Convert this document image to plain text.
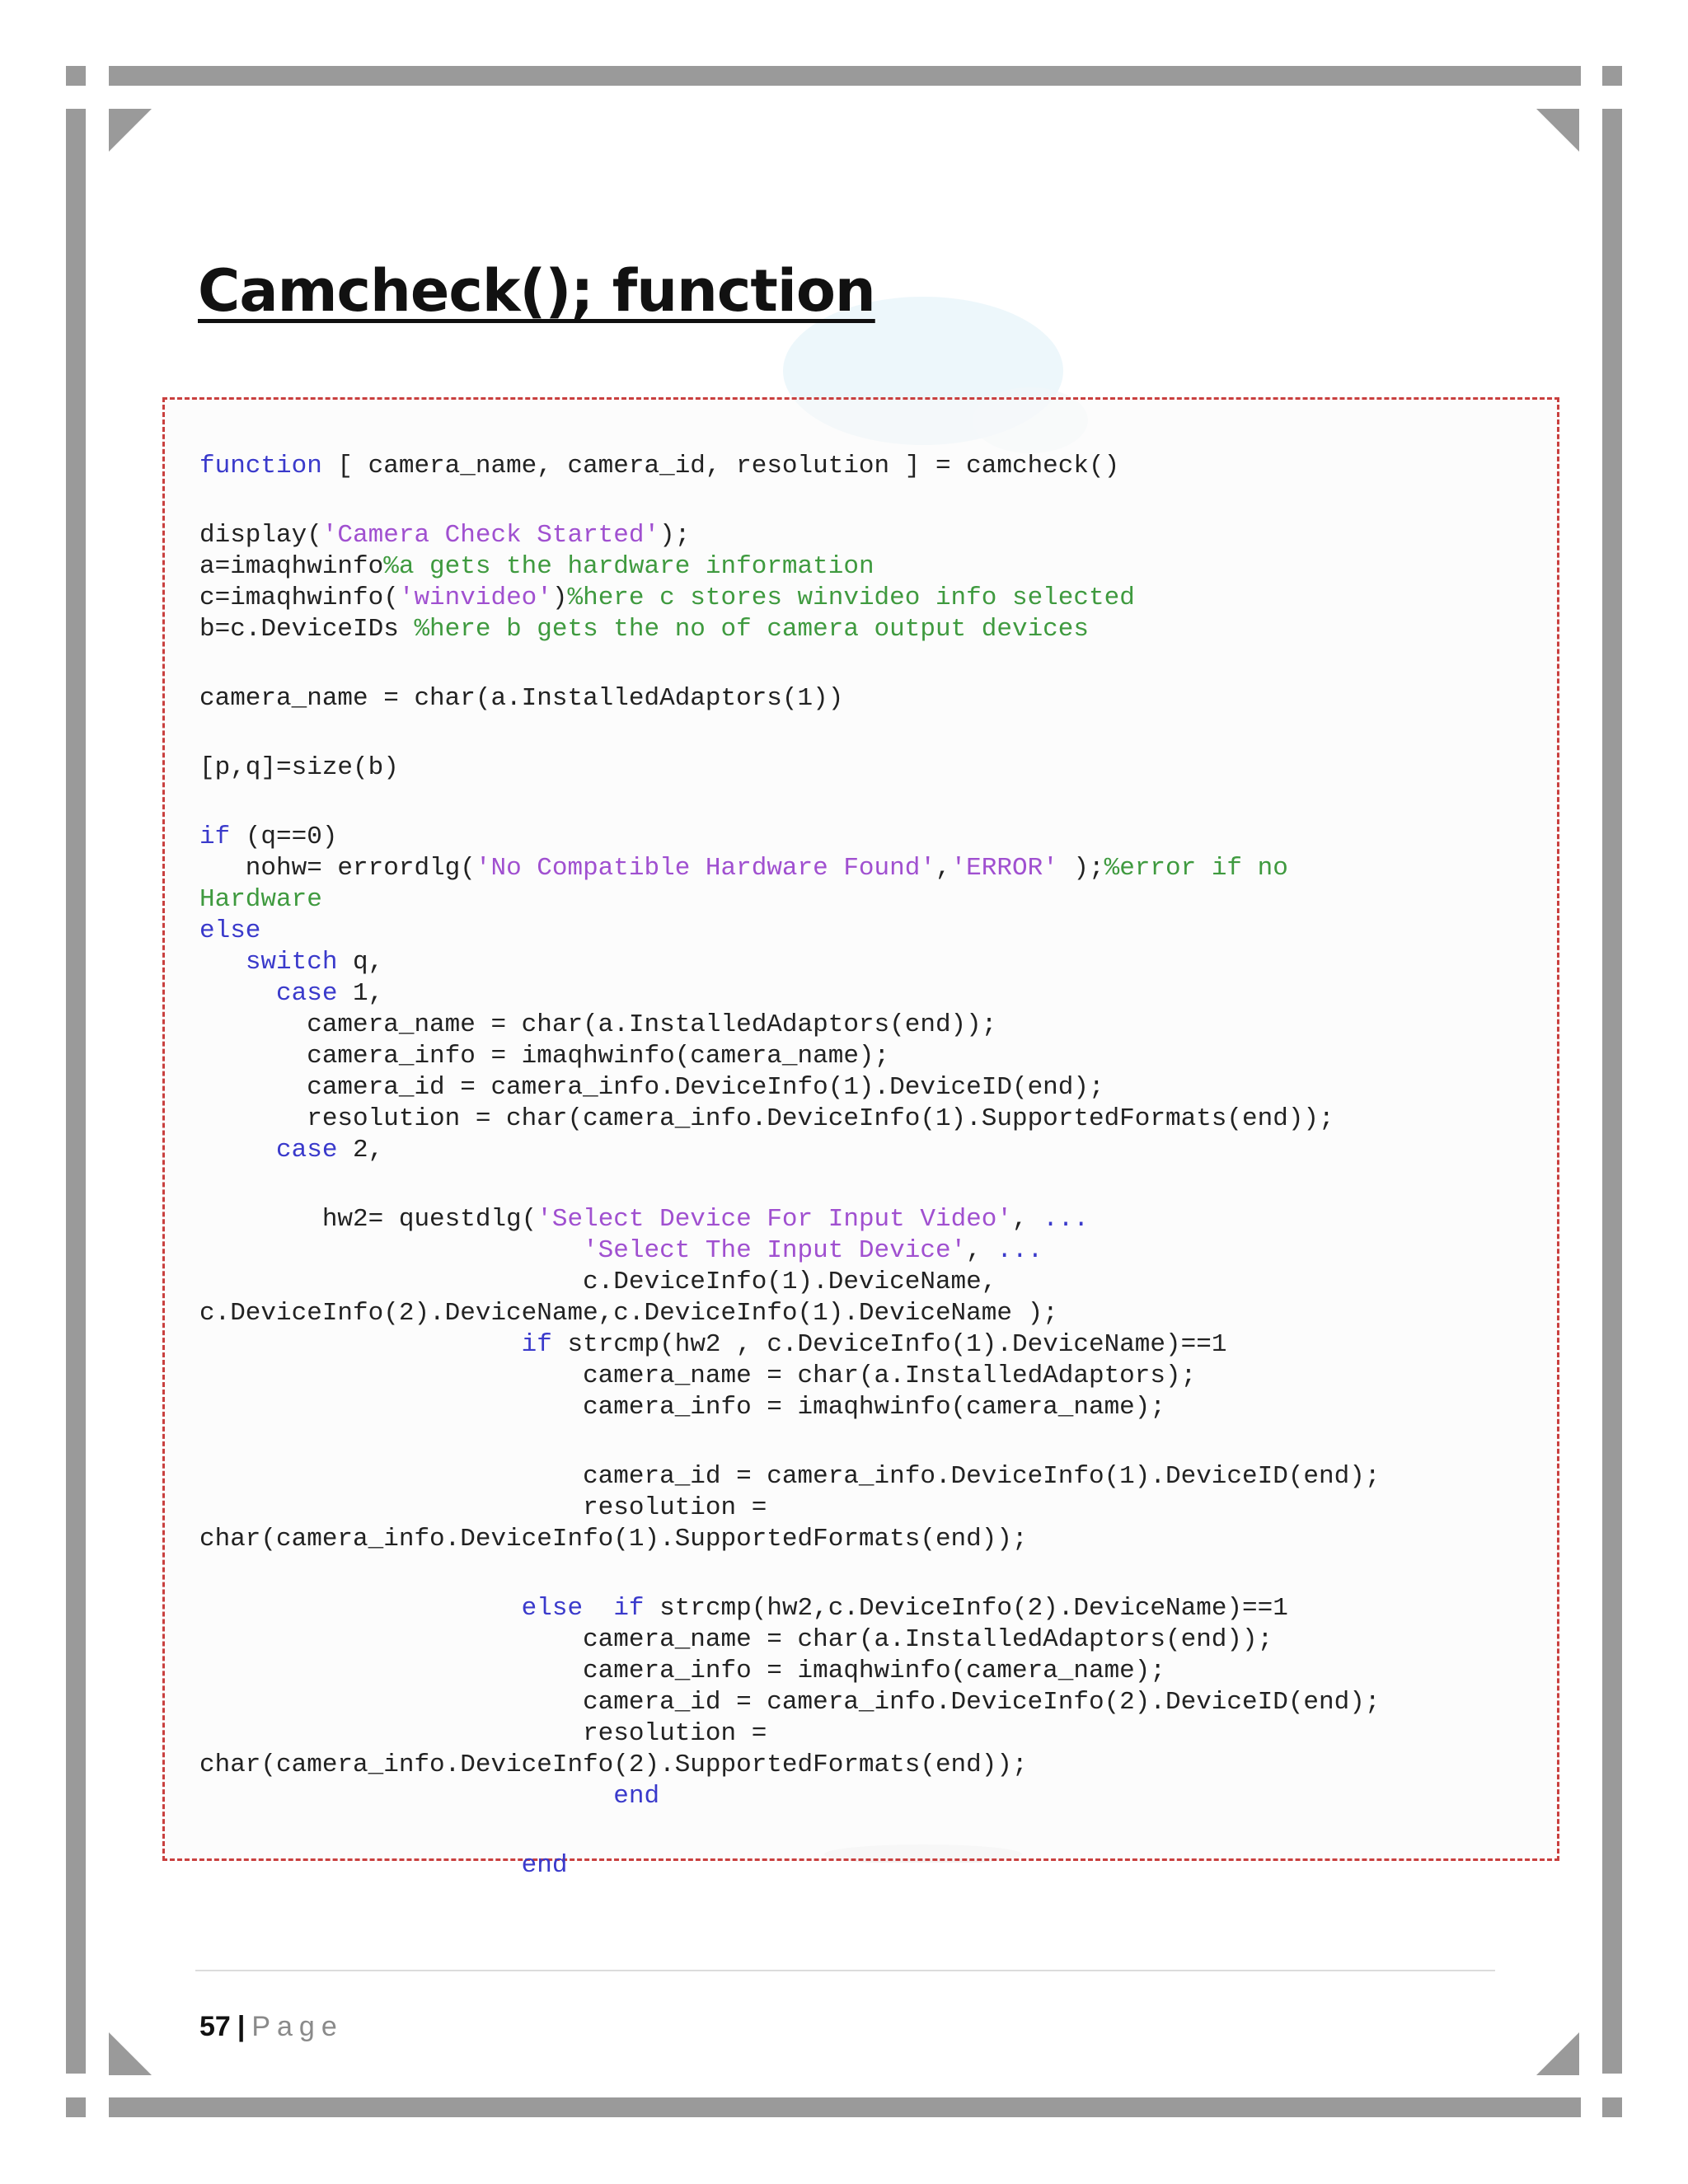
Camcheck(); function
function [ camera_name, camera_id, resolution ] = camcheck()
display('Camera Check Started');
a=imaqhwinfo%a gets the hardware information
c=imaqhwinfo('winvideo')%here c stores winvideo info selected
b=c.DeviceIDs %here b gets the no of camera output devices
camera_name = char(a.InstalledAdaptors(1))
[p,q]=size(b)
if (q==0)
nohw= errordlg('No Compatible Hardware Found','ERROR' );%error if no
Hardware
else
switch q,
case 1,
camera_name = char(a.InstalledAdaptors(end));
camera_info = imaqhwinfo(camera_name);
camera_id = camera_info.DeviceInfo(1).DeviceID(end);
resolution = char(camera_info.DeviceInfo(1).SupportedFormats(end));
case 2,
hw2= questdlg('Select Device For Input Video', ...
'Select The Input Device', ...
c.DeviceInfo(1).DeviceName,
c.DeviceInfo(2).DeviceName,c.DeviceInfo(1).DeviceName );
if strcmp(hw2 , c.DeviceInfo(1).DeviceName)==1
camera_name = char(a.InstalledAdaptors);
camera_info = imaqhwinfo(camera_name);
camera_id = camera_info.DeviceInfo(1).DeviceID(end);
resolution =
char(camera_info.DeviceInfo(1).SupportedFormats(end));
else if strcmp(hw2,c.DeviceInfo(2).DeviceName)==1
camera_name = char(a.InstalledAdaptors(end));
camera_info = imaqhwinfo(camera_name);
camera_id = camera_info.DeviceInfo(2).DeviceID(end);
resolution =
char(camera_info.DeviceInfo(2).SupportedFormats(end));
end
end
57 | Page
